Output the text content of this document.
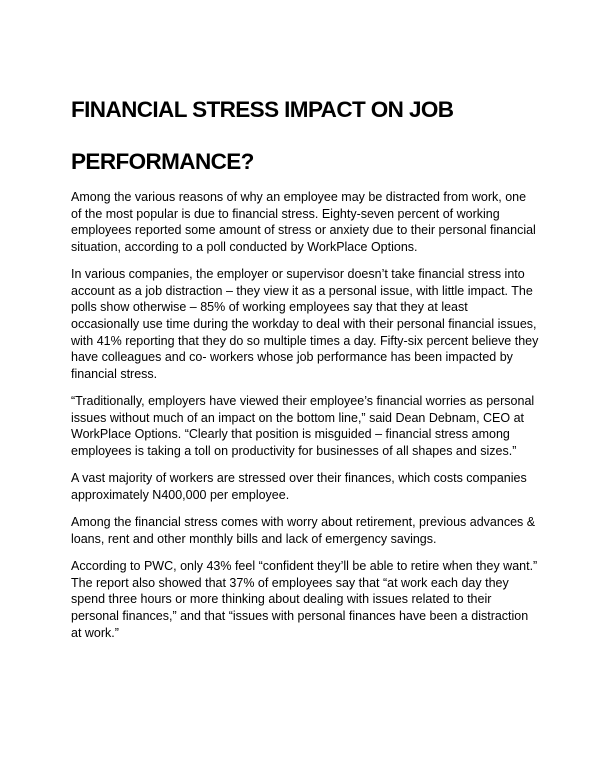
FINANCIAL STRESS IMPACT ON JOB
PERFORMANCE?

Among the various reasons of why an employee may be distracted from work, one of the most popular is due to financial stress. Eighty-seven percent of working employees reported some amount of stress or anxiety due to their personal financial situation, according to a poll conducted by WorkPlace Options.

In various companies, the employer or supervisor doesn’t take financial stress into account as a job distraction – they view it as a personal issue, with little impact. The polls show otherwise – 85% of working employees say that they at least occasionally use time during the workday to deal with their personal financial issues, with 41% reporting that they do so multiple times a day. Fifty-six percent believe they have colleagues and co- workers whose job performance has been impacted by financial stress.

“Traditionally, employers have viewed their employee’s financial worries as personal issues without much of an impact on the bottom line,” said Dean Debnam, CEO at WorkPlace Options. “Clearly that position is misguided – financial stress among employees is taking a toll on productivity for businesses of all shapes and sizes.”

A vast majority of workers are stressed over their finances, which costs companies approximately N400,000 per employee.

Among the financial stress comes with worry about retirement, previous advances & loans, rent and other monthly bills and lack of emergency savings.

According to PWC, only 43% feel “confident they’ll be able to retire when they want.” The report also showed that 37% of employees say that “at work each day they spend three hours or more thinking about dealing with issues related to their personal finances,” and that “issues with personal finances have been a distraction at work.”
